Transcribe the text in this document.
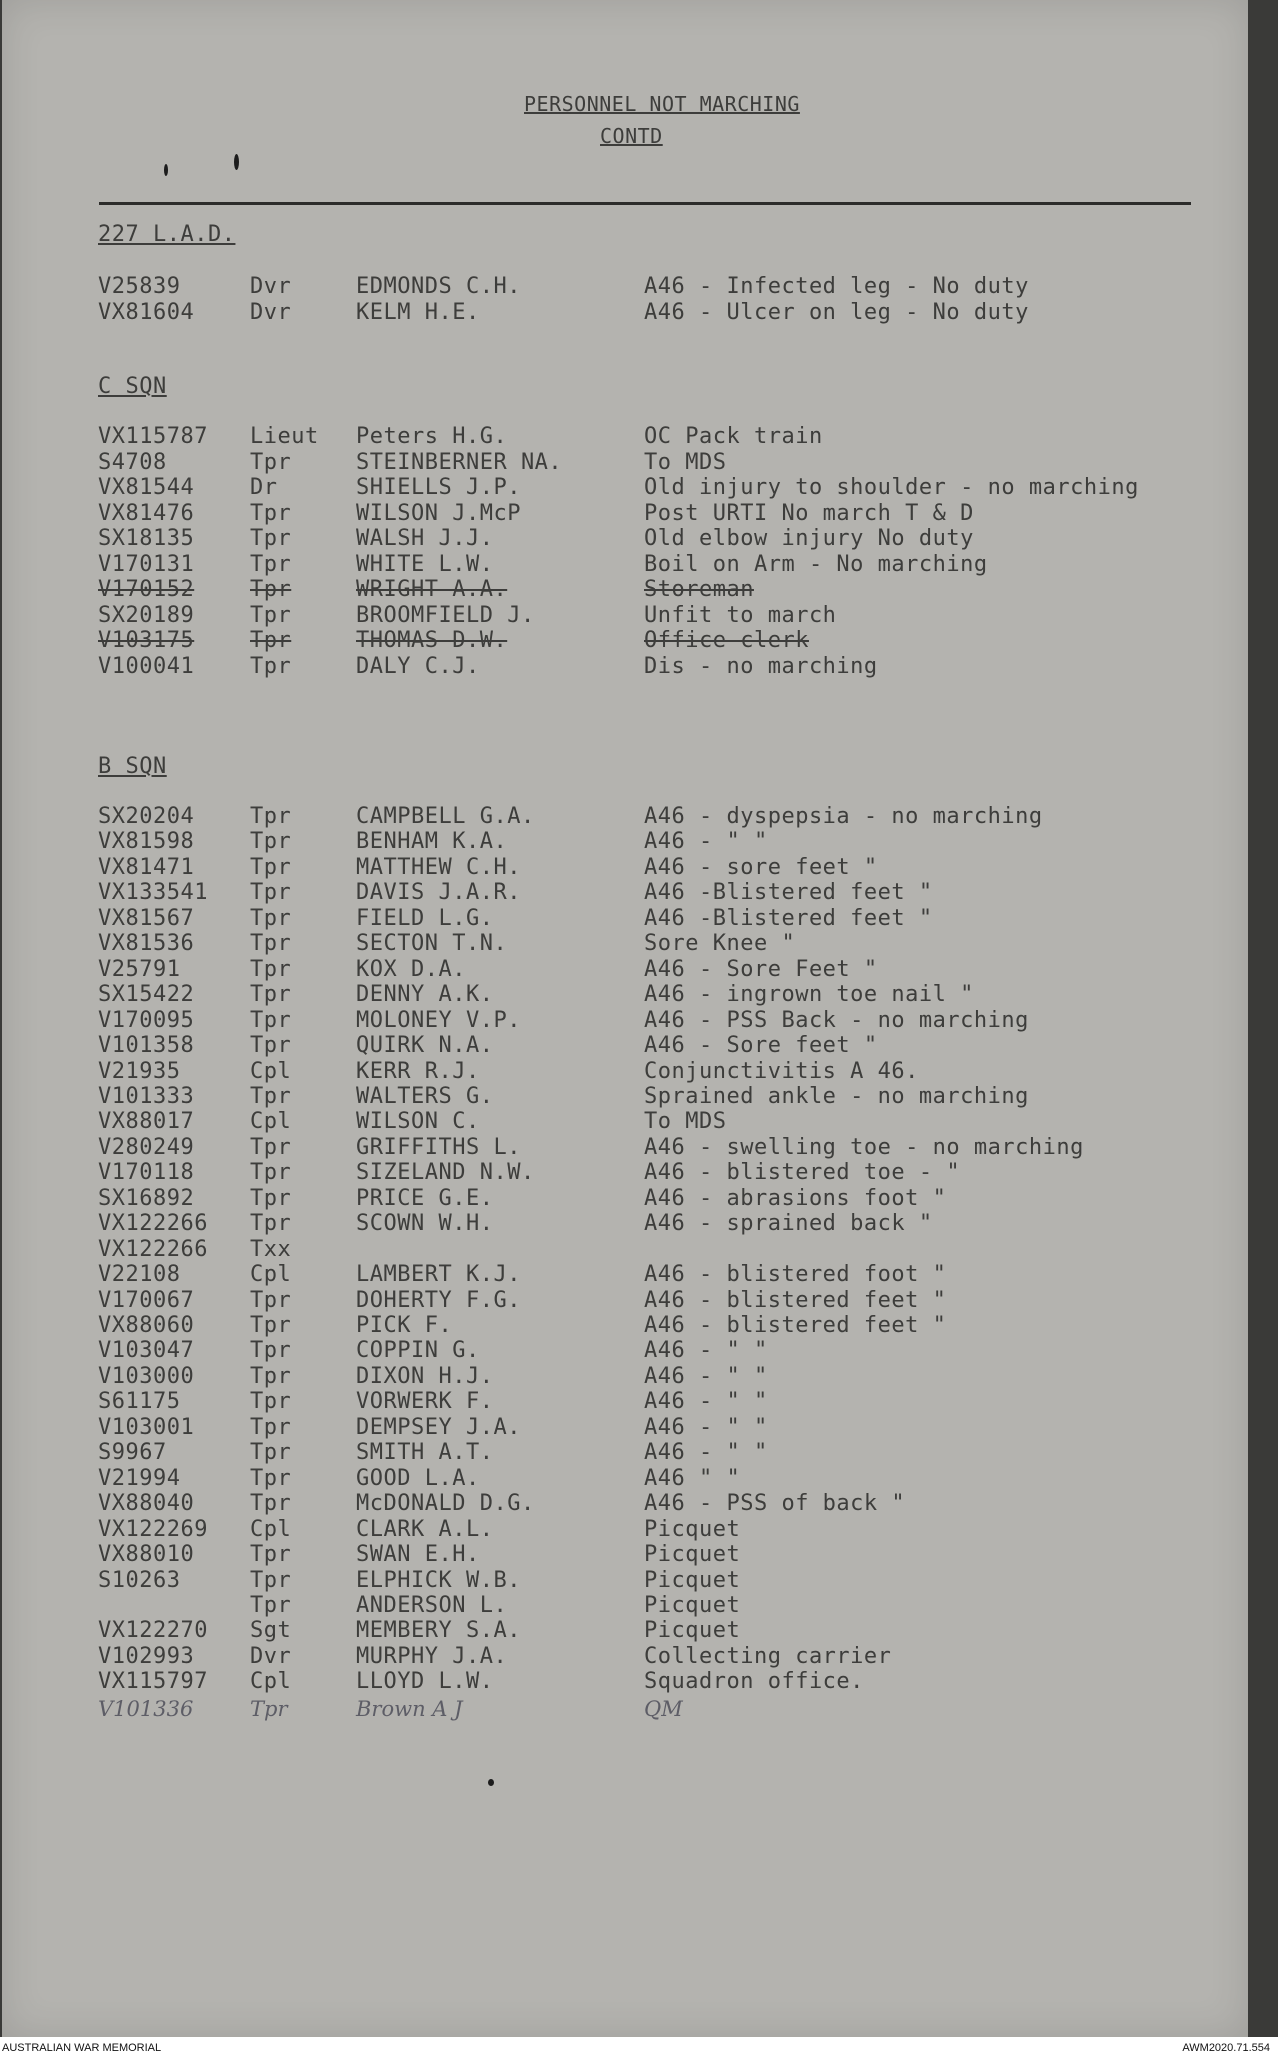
PERSONNEL NOT MARCHING
CONTD
227 L.A.D.
V25839	Dvr	EDMONDS C.H.	A46 - Infected leg - No duty
VX81604	Dvr	KELM H.E.	A46 - Ulcer on leg - No duty
C SQN
VX115787 Lieut Peters H.G.	OC Pack train
S4708	Tpr	STEINBERNER NA.	To MDS
VX81544	Dr	SHIELLS J.P.	Old injury to shoulder - no marching
VX81476	Tpr	WILSON J.McP	Post URTI No march T & D
SX18135	Tpr	WALSH J.J.	Old elbow injury No duty
V170131	Tpr	WHITE L.W.	Boil on Arm - No marching
V170152	Tpr	WRIGHT A.A.	Storeman
SX20189	Tpr	BROOMFIELD J.	Unfit to march
V103175	Tpr	THOMAS D.W.	Office clerk
V100041	Tpr	DALY C.J.	Dis - no marching
B SQN
SX20204	Tpr	CAMPBELL G.A.	A46 - dyspepsia - no marching
VX81598	Tpr	BENHAM K.A.	A46 - " "
VX81471	Tpr	MATTHEW C.H.	A46 - sore feet "
VX133541 Tpr	DAVIS J.A.R.	A46 -Blistered feet "
VX81567	Tpr	FIELD L.G.	A46 -Blistered feet "
VX81536	Tpr	SECTON T.N.	Sore Knee "
V25791	Tpr	KOX D.A.	A46 - Sore Feet "
SX15422	Tpr	DENNY A.K.	A46 - ingrown toe nail "
V170095	Tpr	MOLONEY V.P.	A46 - PSS Back - no marching
V101358	Tpr	QUIRK N.A.	A46 - Sore feet "
V21935	Cpl	KERR R.J.	Conjunctivitis A 46.
V101333	Tpr	WALTERS G.	Sprained ankle - no marching
VX88017	Cpl	WILSON C.	To MDS
V280249	Tpr	GRIFFITHS L.	A46 - swelling toe - no marching
V170118	Tpr	SIZELAND N.W.	A46 - blistered toe - "
SX16892	Tpr	PRICE G.E.	A46 - abrasions foot "
VX122266 Tpr	SCOWN W.H.	A46 - sprained back "
VX122266 Txx
V22108	Cpl	LAMBERT K.J.	A46 - blistered foot "
V170067	Tpr	DOHERTY F.G.	A46 - blistered feet "
VX88060	Tpr	PICK F.	A46 - blistered feet "
V103047	Tpr	COPPIN G.	A46 - " "
V103000	Tpr	DIXON H.J.	A46 - " "
S61175	Tpr	VORWERK F.	A46 - " "
V103001	Tpr	DEMPSEY J.A.	A46 - " "
S9967	Tpr	SMITH A.T.	A46 - " "
V21994	Tpr	GOOD L.A.	A46 " "
VX88040	Tpr	McDONALD D.G.	A46 - PSS of back "
VX122269 Cpl	CLARK A.L.	Picquet
VX88010	Tpr	SWAN E.H.	Picquet
S10263	Tpr	ELPHICK W.B.	Picquet
Tpr	ANDERSON L.	Picquet
VX122270 Sgt	MEMBERY S.A.	Picquet
V102993	Dvr	MURPHY J.A.	Collecting carrier
VX115797 Cpl	LLOYD L.W.	Squadron office.
V101336	Tpr	Brown A J	QM
AUSTRALIAN WAR MEMORIAL	AWM2020.71.554
